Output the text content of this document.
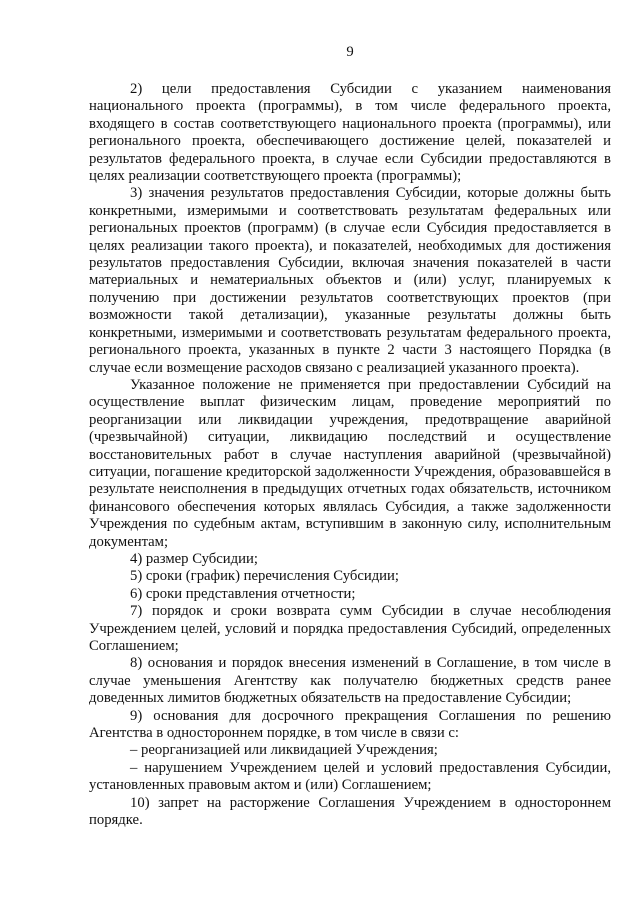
9

2) цели предоставления Субсидии с указанием наименования национального проекта (программы), в том числе федерального проекта, входящего в состав соответствующего национального проекта (программы), или регионального проекта, обеспечивающего достижение целей, показателей и результатов федерального проекта, в случае если Субсидии предоставляются в целях реализации соответствующего проекта (программы);

3) значения результатов предоставления Субсидии, которые должны быть конкретными, измеримыми и соответствовать результатам федеральных или региональных проектов (программ) (в случае если Субсидия предоставляется в целях реализации такого проекта), и показателей, необходимых для достижения результатов предоставления Субсидии, включая значения показателей в части материальных и нематериальных объектов и (или) услуг, планируемых к получению при достижении результатов соответствующих проектов (при возможности такой детализации), указанные результаты должны быть конкретными, измеримыми и соответствовать результатам федерального проекта, регионального проекта, указанных в пункте 2 части 3 настоящего Порядка (в случае если возмещение расходов связано с реализацией указанного проекта).

Указанное положение не применяется при предоставлении Субсидий на осуществление выплат физическим лицам, проведение мероприятий по реорганизации или ликвидации учреждения, предотвращение аварийной (чрезвычайной) ситуации, ликвидацию последствий и осуществление восстановительных работ в случае наступления аварийной (чрезвычайной) ситуации, погашение кредиторской задолженности Учреждения, образовавшейся в результате неисполнения в предыдущих отчетных годах обязательств, источником финансового обеспечения которых являлась Субсидия, а также задолженности Учреждения по судебным актам, вступившим в законную силу, исполнительным документам;

4) размер Субсидии;

5) сроки (график) перечисления Субсидии;

6) сроки представления отчетности;

7) порядок и сроки возврата сумм Субсидии в случае несоблюдения Учреждением целей, условий и порядка предоставления Субсидий, определенных Соглашением;

8) основания и порядок внесения изменений в Соглашение, в том числе в случае уменьшения Агентству как получателю бюджетных средств ранее доведенных лимитов бюджетных обязательств на предоставление Субсидии;

9) основания для досрочного прекращения Соглашения по решению Агентства в одностороннем порядке, в том числе в связи с:

– реорганизацией или ликвидацией Учреждения;

– нарушением Учреждением целей и условий предоставления Субсидии, установленных правовым актом и (или) Соглашением;

10) запрет на расторжение Соглашения Учреждением в одностороннем порядке.
